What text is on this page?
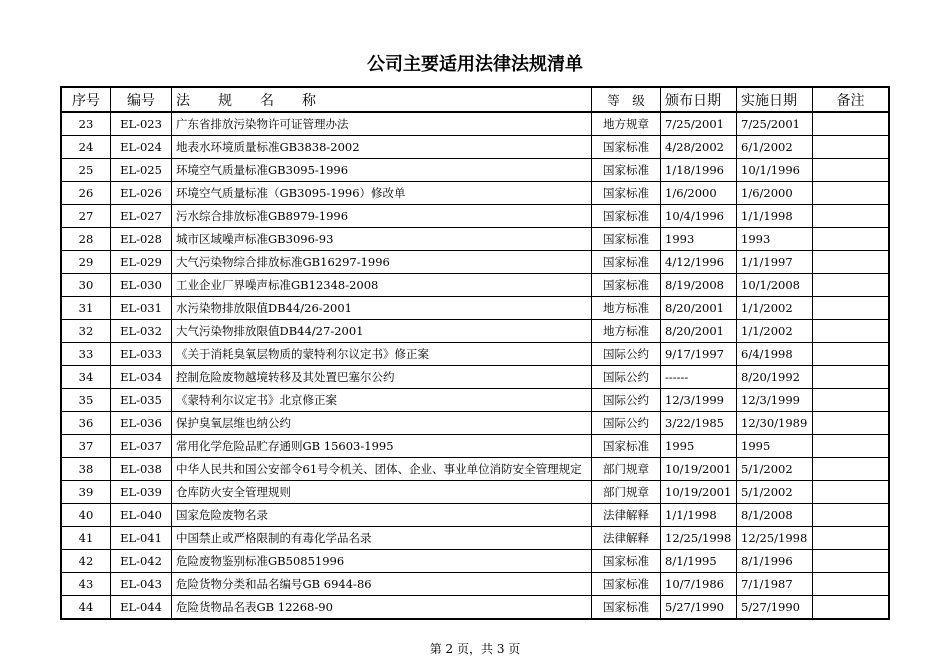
公司主要适用法律法规清单
序号	编号	法　　规　　名　　称	等　级	颁布日期	实施日期	备注
23	EL-023	广东省排放污染物许可证管理办法	地方规章	7/25/2001	7/25/2001	
24	EL-024	地表水环境质量标准GB3838-2002	国家标准	4/28/2002	6/1/2002	
25	EL-025	环境空气质量标准GB3095-1996	国家标准	1/18/1996	10/1/1996	
26	EL-026	环境空气质量标准（GB3095-1996）修改单	国家标准	1/6/2000	1/6/2000	
27	EL-027	污水综合排放标准GB8979-1996	国家标准	10/4/1996	1/1/1998	
28	EL-028	城市区域噪声标准GB3096-93	国家标准	1993	1993	
29	EL-029	大气污染物综合排放标准GB16297-1996	国家标准	4/12/1996	1/1/1997	
30	EL-030	工业企业厂界噪声标准GB12348-2008	国家标准	8/19/2008	10/1/2008	
31	EL-031	水污染物排放限值DB44/26-2001	地方标准	8/20/2001	1/1/2002	
32	EL-032	大气污染物排放限值DB44/27-2001	地方标准	8/20/2001	1/1/2002	
33	EL-033	《关于消耗臭氧层物质的蒙特利尔议定书》修正案	国际公约	9/17/1997	6/4/1998	
34	EL-034	控制危险废物越境转移及其处置巴塞尔公约	国际公约	------	8/20/1992	
35	EL-035	《蒙特利尔议定书》北京修正案	国际公约	12/3/1999	12/3/1999	
36	EL-036	保护臭氧层维也纳公约	国际公约	3/22/1985	12/30/1989	
37	EL-037	常用化学危险品贮存通则GB 15603-1995	国家标准	1995	1995	
38	EL-038	中华人民共和国公安部令61号令机关、团体、企业、事业单位消防安全管理规定	部门规章	10/19/2001	5/1/2002	
39	EL-039	仓库防火安全管理规则	部门规章	10/19/2001	5/1/2002	
40	EL-040	国家危险废物名录	法律解释	1/1/1998	8/1/2008	
41	EL-041	中国禁止或严格限制的有毒化学品名录	法律解释	12/25/1998	12/25/1998	
42	EL-042	危险废物鉴别标准GB50851996	国家标准	8/1/1995	8/1/1996	
43	EL-043	危险货物分类和品名编号GB 6944-86	国家标准	10/7/1986	7/1/1987	
44	EL-044	危险货物品名表GB 12268-90	国家标准	5/27/1990	5/27/1990	
第 2 页，共 3 页
